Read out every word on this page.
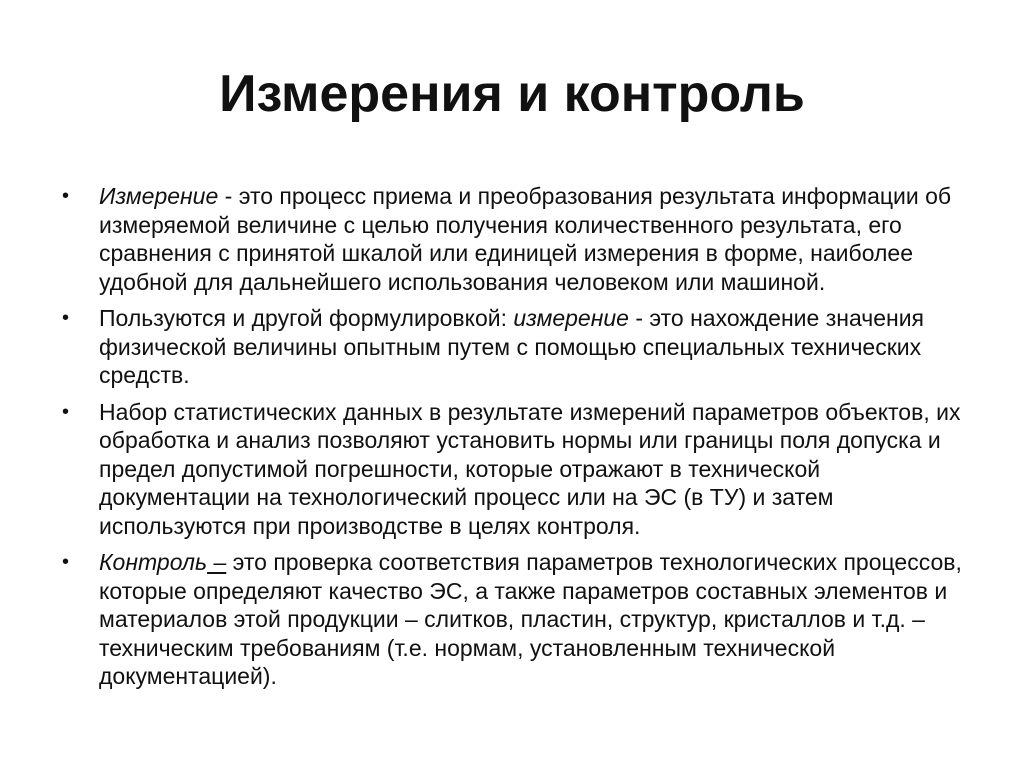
Измерения и контроль
•	Измерение - это процесс приема и преобразования результата информации об измеряемой величине с целью получения количественного результата, его сравнения с принятой шкалой или единицей измерения в форме, наиболее удобной для дальнейшего использования человеком или машиной.
•	Пользуются и другой формулировкой: измерение - это нахождение значения физической величины опытным путем с помощью специальных технических средств.
•	Набор статистических данных в результате измерений параметров объектов, их обработка и анализ позволяют установить нормы или границы поля допуска и предел допустимой погрешности, которые отражают в технической документации на технологический процесс или на ЭС (в ТУ) и затем используются при производстве в целях контроля.
•	Контроль – это проверка соответствия параметров технологических процессов, которые определяют качество ЭС, а также параметров составных элементов и материалов этой продукции – слитков, пластин, структур, кристаллов и т.д. – техническим требованиям (т.е. нормам, установленным технической документацией).
